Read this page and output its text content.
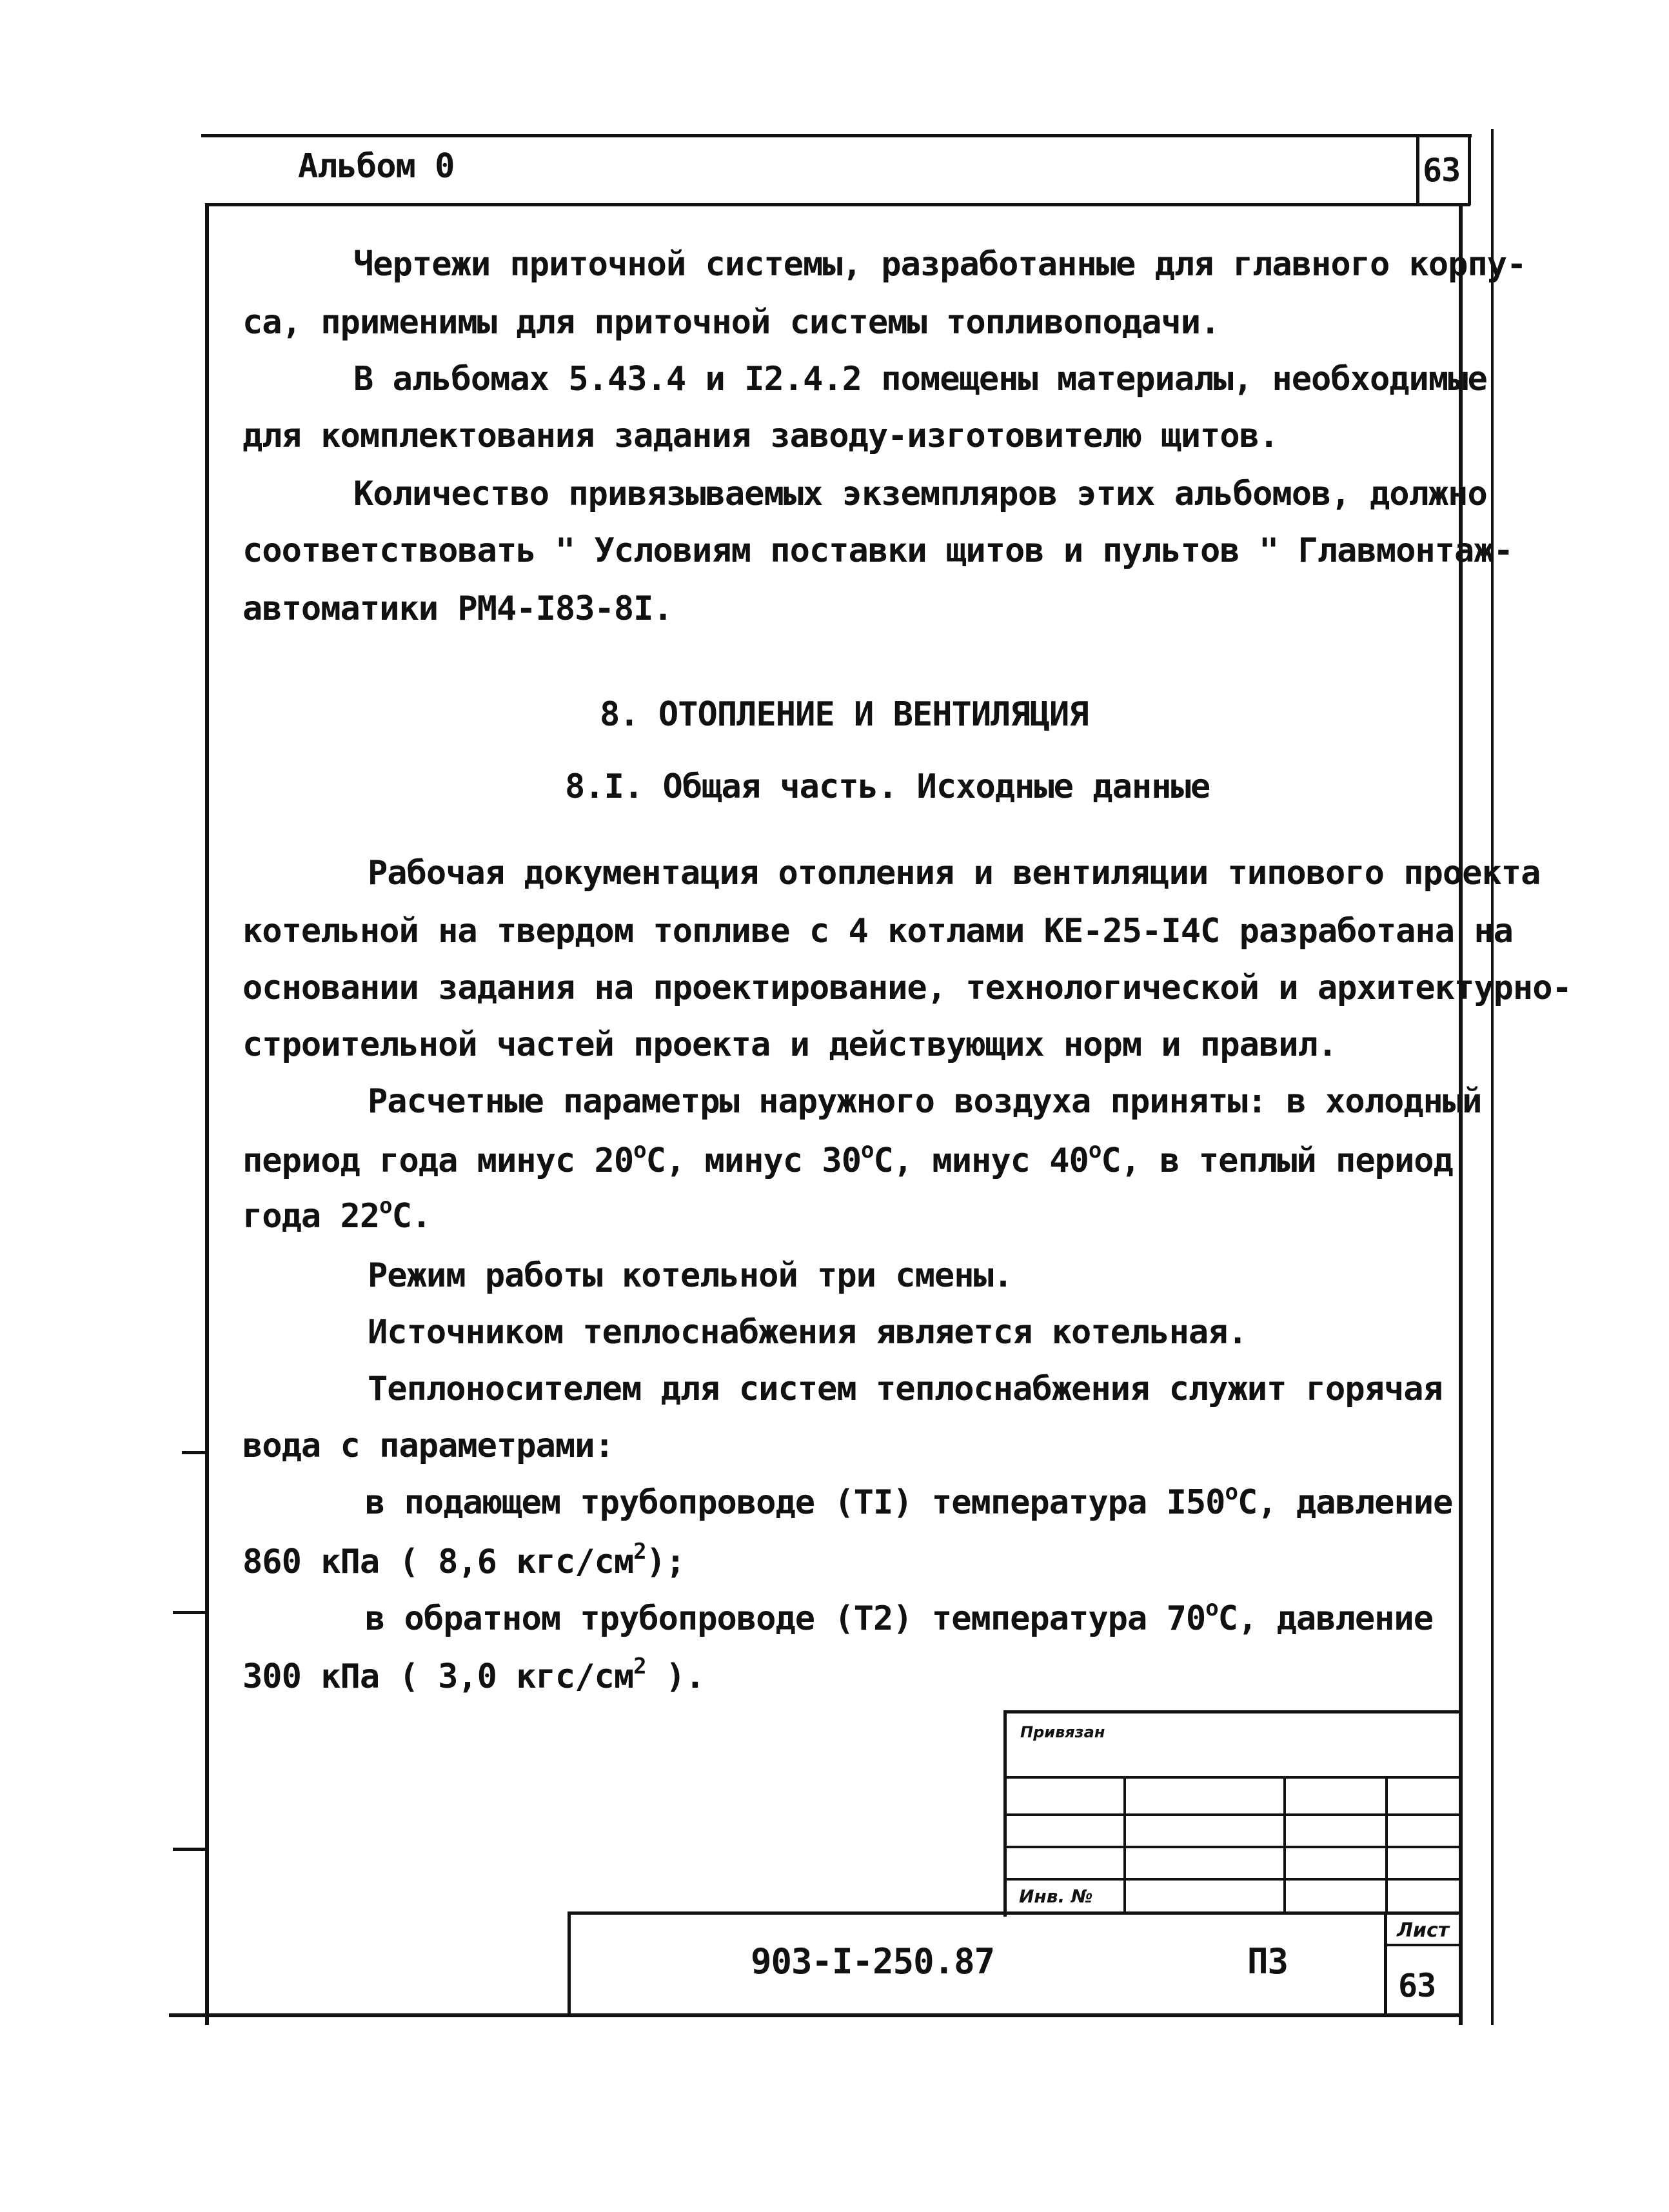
Альбом 0	63
Чертежи приточной системы, разработанные для главного корпу-
са, применимы для приточной системы топливоподачи.
В альбомах 5.43.4 и I2.4.2 помещены материалы, необходимые
для комплектования задания заводу-изготовителю щитов.
Количество привязываемых экземпляров этих альбомов, должно
соответствовать " Условиям поставки щитов и пультов " Главмонтаж-
автоматики РМ4-I83-8I.
8. ОТОПЛЕНИЕ И ВЕНТИЛЯЦИЯ
8.I. Общая часть. Исходные данные
Рабочая документация отопления и вентиляции типового проекта
котельной на твердом топливе с 4 котлами КЕ-25-I4С разработана на
основании задания на проектирование, технологической и архитектурно-
строительной частей проекта и действующих норм и правил.
Расчетные параметры наружного воздуха приняты: в холодный
период года минус $20^оС$, минус $30^оС$, минус $40^оС$, в теплый период
года $22^оС$.
Режим работы котельной три смены.
Источником теплоснабжения является котельная.
Теплоносителем для систем теплоснабжения служит горячая
вода с параметрами:
в подающем трубопроводе (ТI) температура $I50^оС$, давление
860 кПа ( 8,6 кгс/$см^2$);
в обратном трубопроводе (Т2) температура $70^оС$, давление
300 кПа ( 3,0 кгс/$см^2$ ).
Привязан
Инв. №
903-I-250.87	ПЗ
Лист
63
